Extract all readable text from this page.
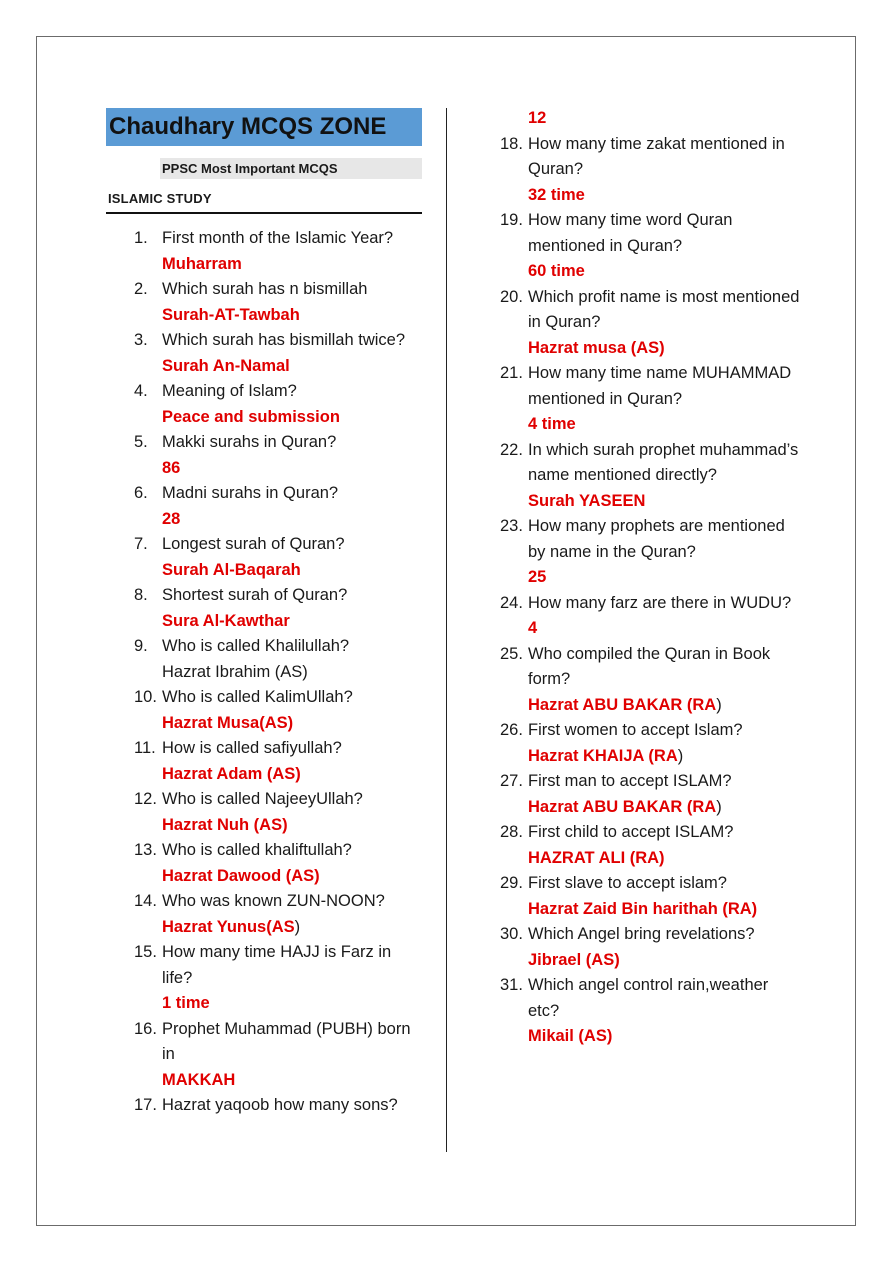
Chaudhary MCQS ZONE
PPSC Most Important MCQS
ISLAMIC STUDY
1. First month of the Islamic Year?
Muharram
2. Which surah has n bismillah
Surah-AT-Tawbah
3. Which surah has bismillah twice?
Surah An-Namal
4. Meaning of Islam?
Peace and submission
5. Makki surahs in Quran?
86
6. Madni surahs in Quran?
28
7. Longest surah of Quran?
Surah Al-Baqarah
8. Shortest surah of Quran?
Sura Al-Kawthar
9. Who is called Khalilullah?
Hazrat Ibrahim (AS)
10. Who is called KalimUllah?
Hazrat Musa(AS)
11. How is called safiyullah?
Hazrat Adam (AS)
12. Who is called NajeeyUllah?
Hazrat Nuh (AS)
13. Who is called khaliftullah?
Hazrat Dawood (AS)
14. Who was known ZUN-NOON?
Hazrat Yunus(AS)
15. How many time HAJJ is Farz in life?
1 time
16. Prophet Muhammad (PUBH) born in
MAKKAH
17. Hazrat yaqoob how many sons?
12
18. How many time zakat mentioned in Quran?
32 time
19. How many time word Quran mentioned in Quran?
60 time
20. Which profit name is most mentioned in Quran?
Hazrat musa (AS)
21. How many time name MUHAMMAD mentioned in Quran?
4 time
22. In which surah prophet muhammad’s name mentioned directly?
Surah YASEEN
23. How many prophets are mentioned by name in the Quran?
25
24. How many farz are there in WUDU?
4
25. Who compiled the Quran in Book form?
Hazrat ABU BAKAR (RA)
26. First women to accept Islam?
Hazrat KHAIJA (RA)
27. First man to accept ISLAM?
Hazrat ABU BAKAR (RA)
28. First child to accept ISLAM?
HAZRAT ALI (RA)
29. First slave to accept islam?
Hazrat Zaid Bin harithah (RA)
30. Which Angel bring revelations?
Jibrael (AS)
31. Which angel control rain,weather etc?
Mikail (AS)
